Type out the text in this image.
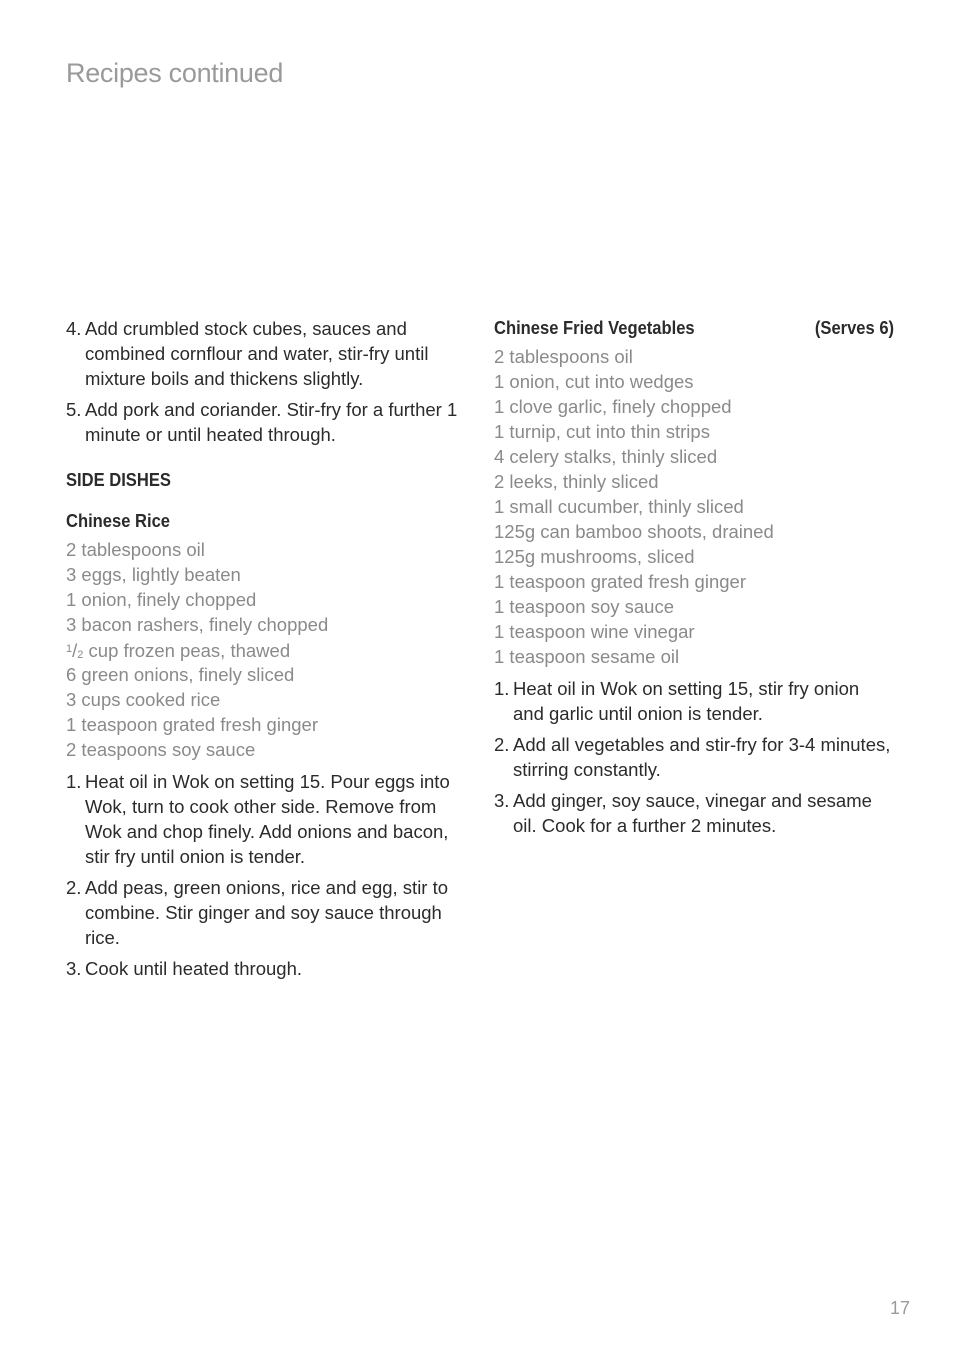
Recipes continued
4. Add crumbled stock cubes, sauces and combined cornflour and water, stir-fry until mixture boils and thickens slightly.
5. Add pork and coriander. Stir-fry for a further 1 minute or until heated through.
SIDE DISHES
Chinese Rice
2 tablespoons oil
3 eggs, lightly beaten
1 onion, finely chopped
3 bacon rashers, finely chopped
$^1$/2 cup frozen peas, thawed
6 green onions, finely sliced
3 cups cooked rice
1 teaspoon grated fresh ginger
2 teaspoons soy sauce
1. Heat oil in Wok on setting 15. Pour eggs into Wok, turn to cook other side. Remove from Wok and chop finely. Add onions and bacon, stir fry until onion is tender.
2. Add peas, green onions, rice and egg, stir to combine. Stir ginger and soy sauce through rice.
3. Cook until heated through.
Chinese Fried Vegetables	(Serves 6)
2 tablespoons oil
1 onion, cut into wedges
1 clove garlic, finely chopped
1 turnip, cut into thin strips
4 celery stalks, thinly sliced
2 leeks, thinly sliced
1 small cucumber, thinly sliced
125g can bamboo shoots, drained
125g mushrooms, sliced
1 teaspoon grated fresh ginger
1 teaspoon soy sauce
1 teaspoon wine vinegar
1 teaspoon sesame oil
1. Heat oil in Wok on setting 15, stir fry onion and garlic until onion is tender.
2. Add all vegetables and stir-fry for 3-4 minutes, stirring constantly.
3. Add ginger, soy sauce, vinegar and sesame oil. Cook for a further 2 minutes.
17
